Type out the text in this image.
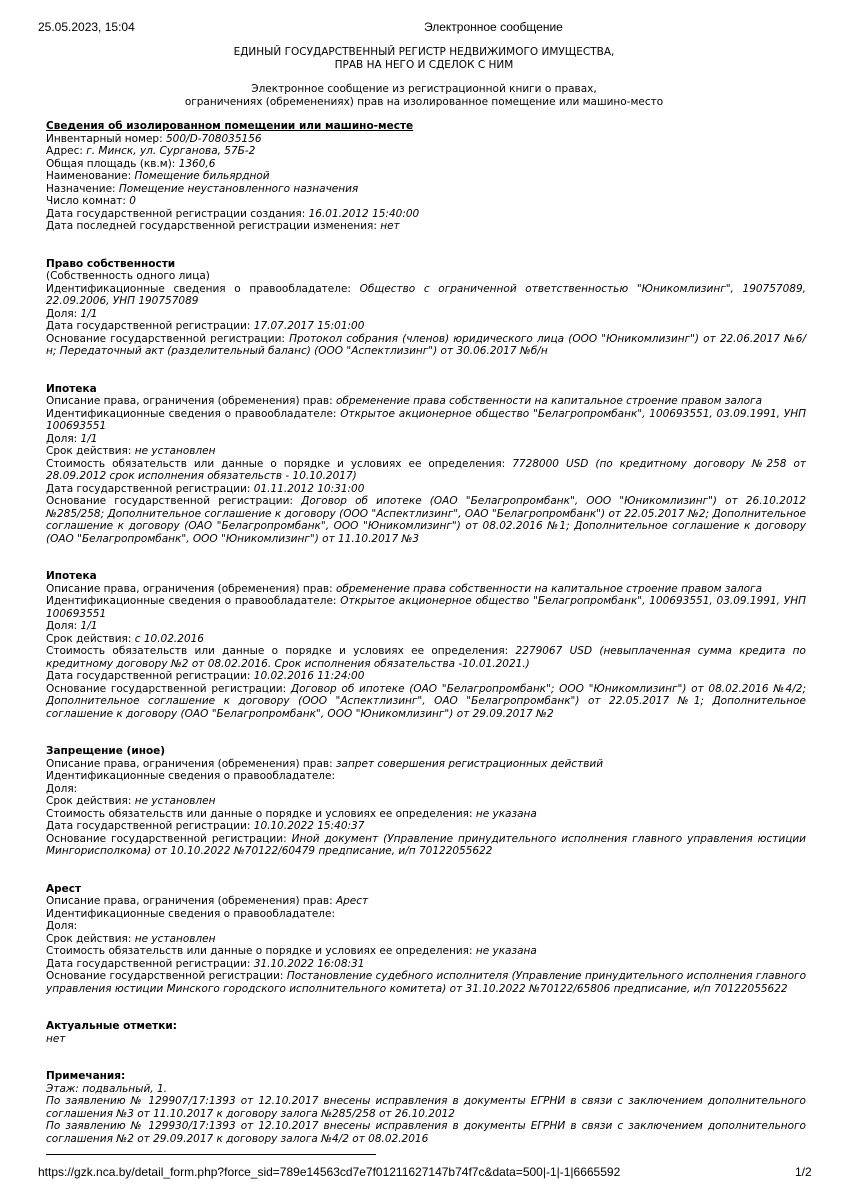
25.05.2023, 15:04	Электронное сообщение
ЕДИНЫЙ ГОСУДАРСТВЕННЫЙ РЕГИСТР НЕДВИЖИМОГО ИМУЩЕСТВА,
ПРАВ НА НЕГО И СДЕЛОК С НИМ
Электронное сообщение из регистрационной книги о правах,
ограничениях (обременениях) прав на изолированное помещение или машино-место
Сведения об изолированном помещении или машино-месте
Инвентарный номер: 500/D-708035156
Адрес: г. Минск, ул. Сурганова, 57Б-2
Общая площадь (кв.м): 1360,6
Наименование: Помещение бильярдной
Назначение: Помещение неустановленного назначения
Число комнат: 0
Дата государственной регистрации создания: 16.01.2012 15:40:00
Дата последней государственной регистрации изменения: нет
Право собственности
(Собственность одного лица)
Идентификационные сведения о правообладателе: Общество с ограниченной ответственностью "Юникомлизинг", 190757089, 22.09.2006, УНП 190757089
Доля: 1/1
Дата государственной регистрации: 17.07.2017 15:01:00
Основание государственной регистрации: Протокол собрания (членов) юридического лица (ООО "Юникомлизинг") от 22.06.2017 №6/н; Передаточный акт (разделительный баланс) (ООО "Аспектлизинг") от 30.06.2017 №б/н
Ипотека
Описание права, ограничения (обременения) прав: обременение права собственности на капитальное строение правом залога
Идентификационные сведения о правообладателе: Открытое акционерное общество "Белагропромбанк", 100693551, 03.09.1991, УНП 100693551
Доля: 1/1
Срок действия: не установлен
Стоимость обязательств или данные о порядке и условиях ее определения: 7728000 USD (по кредитному договору №258 от 28.09.2012 срок исполнения обязательств - 10.10.2017)
Дата государственной регистрации: 01.11.2012 10:31:00
Основание государственной регистрации: Договор об ипотеке (ОАО "Белагропромбанк", ООО "Юникомлизинг") от 26.10.2012 №285/258; Дополнительное соглашение к договору (ООО "Аспектлизинг", ОАО "Белагропромбанк") от 22.05.2017 №2; Дополнительное соглашение к договору (ОАО "Белагропромбанк", ООО "Юникомлизинг") от 08.02.2016 №1; Дополнительное соглашение к договору (ОАО "Белагропромбанк", ООО "Юникомлизинг") от 11.10.2017 №3
Ипотека
Описание права, ограничения (обременения) прав: обременение права собственности на капитальное строение правом залога
Идентификационные сведения о правообладателе: Открытое акционерное общество "Белагропромбанк", 100693551, 03.09.1991, УНП 100693551
Доля: 1/1
Срок действия: с 10.02.2016
Стоимость обязательств или данные о порядке и условиях ее определения: 2279067 USD (невыплаченная сумма кредита по кредитному договору №2 от 08.02.2016. Срок исполнения обязательства -10.01.2021.)
Дата государственной регистрации: 10.02.2016 11:24:00
Основание государственной регистрации: Договор об ипотеке (ОАО "Белагропромбанк"; ООО "Юникомлизинг") от 08.02.2016 №4/2; Дополнительное соглашение к договору (ООО "Аспектлизинг", ОАО "Белагропромбанк") от 22.05.2017 №1; Дополнительное соглашение к договору (ОАО "Белагропромбанк", ООО "Юникомлизинг") от 29.09.2017 №2
Запрещение (иное)
Описание права, ограничения (обременения) прав: запрет совершения регистрационных действий
Идентификационные сведения о правообладателе:
Доля:
Срок действия: не установлен
Стоимость обязательств или данные о порядке и условиях ее определения: не указана
Дата государственной регистрации: 10.10.2022 15:40:37
Основание государственной регистрации: Иной документ (Управление принудительного исполнения главного управления юстиции Мингорисполкома) от 10.10.2022 №70122/60479 предписание, и/п 70122055622
Арест
Описание права, ограничения (обременения) прав: Арест
Идентификационные сведения о правообладателе:
Доля:
Срок действия: не установлен
Стоимость обязательств или данные о порядке и условиях ее определения: не указана
Дата государственной регистрации: 31.10.2022 16:08:31
Основание государственной регистрации: Постановление судебного исполнителя (Управление принудительного исполнения главного управления юстиции Минского городского исполнительного комитета) от 31.10.2022 №70122/65806 предписание, и/п 70122055622
Актуальные отметки:
нет
Примечания:
Этаж: подвальный, 1.
По заявлению № 129907/17:1393 от 12.10.2017 внесены исправления в документы ЕГРНИ в связи с заключением дополнительного соглашения №3 от 11.10.2017 к договору залога №285/258 от 26.10.2012
По заявлению № 129930/17:1393 от 12.10.2017 внесены исправления в документы ЕГРНИ в связи с заключением дополнительного соглашения №2 от 29.09.2017 к договору залога №4/2 от 08.02.2016
https://gzk.nca.by/detail_form.php?force_sid=789e14563cd7e7f01211627147b74f7c&data=500|-1|-1|6665592	1/2
